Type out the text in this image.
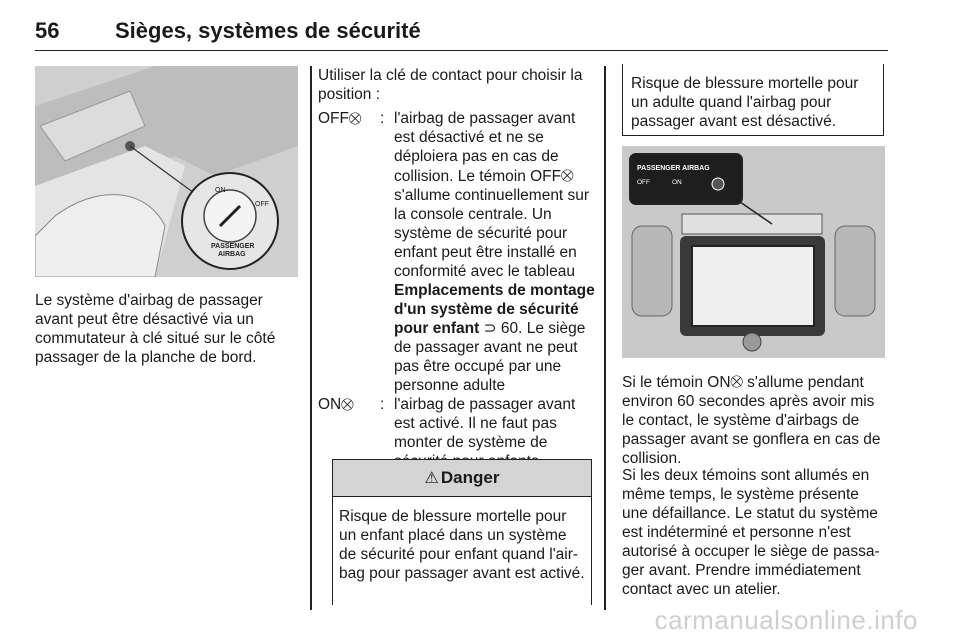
56	Sièges, systèmes de sécurité
ON
OFF
PASSENGER
AIRBAG
Le système d'airbag de passager avant peut être désactivé via un commutateur à clé situé sur le côté passager de la planche de bord.
Utiliser la clé de contact pour choisir la position :
OFF ⛒ : l'airbag de passager avant est désactivé et ne se déploiera pas en cas de collision. Le témoin OFF⛒ s'allume continuellement sur la console centrale. Un système de sécurité pour enfant peut être installé en conformité avec le tableau Emplacements de montage d'un système de sécurité pour enfant ⊃ 60. Le siège de passager avant ne peut pas être occupé par une personne adulte
ON ⛒ : l'airbag de passager avant est activé. Il ne faut pas monter de système de
⚠ Danger
Risque de blessure mortelle pour un enfant placé dans un système de sécurité pour enfant quand l'airbag pour passager avant est activé.
Risque de blessure mortelle pour un adulte quand l'airbag pour passager avant est désactivé.
PASSENGER AIRBAG
OFF	ON
Si le témoin ON⛒ s'allume pendant environ 60 secondes après avoir mis le contact, le système d'airbags de passager avant se gonflera en cas de collision.
Si les deux témoins sont allumés en même temps, le système présente une défaillance. Le statut du système est indéterminé et personne n'est autorisé à occuper le siège de passager avant. Prendre immédiatement contact avec un atelier.
carmanualsonline.info
